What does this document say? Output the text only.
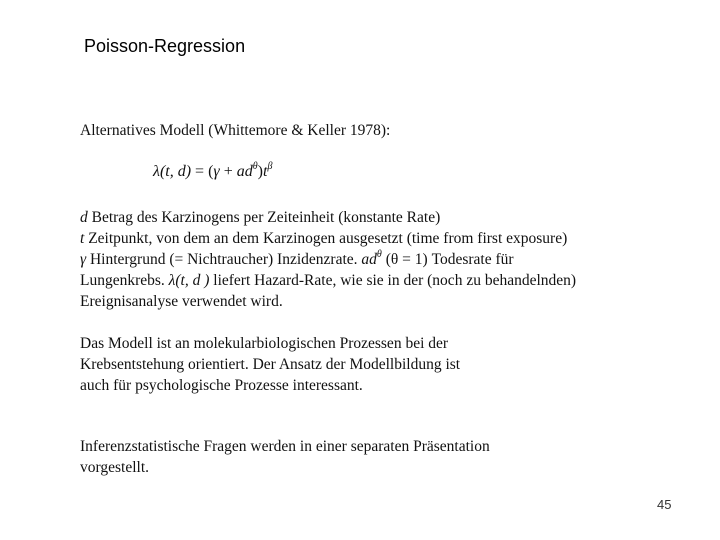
Poisson-Regression
Alternatives Modell (Whittemore & Keller 1978):
λ(t, $d) = (\gamma + ad^\theta)t^\beta$
d Betrag des Karzinogens per Zeiteinheit (konstante Rate)
t Zeitpunkt, von dem an dem Karzinogen ausgesetzt (time from first exposure)
γ Hintergrund (= Nichtraucher) Inzidenzrate. $ad^\theta$ (θ = 1) Todesrate für
Lungenkrebs. λ(t, d ) liefert Hazard-Rate, wie sie in der (noch zu behandelnden)
Ereignisanalyse verwendet wird.
Das Modell ist an molekularbiologischen Prozessen bei der
Krebsentstehung orientiert. Der Ansatz der Modellbildung ist
auch für psychologische Prozesse interessant.
Inferenzstatistische Fragen werden in einer separaten Präsentation
vorgestellt.
45
